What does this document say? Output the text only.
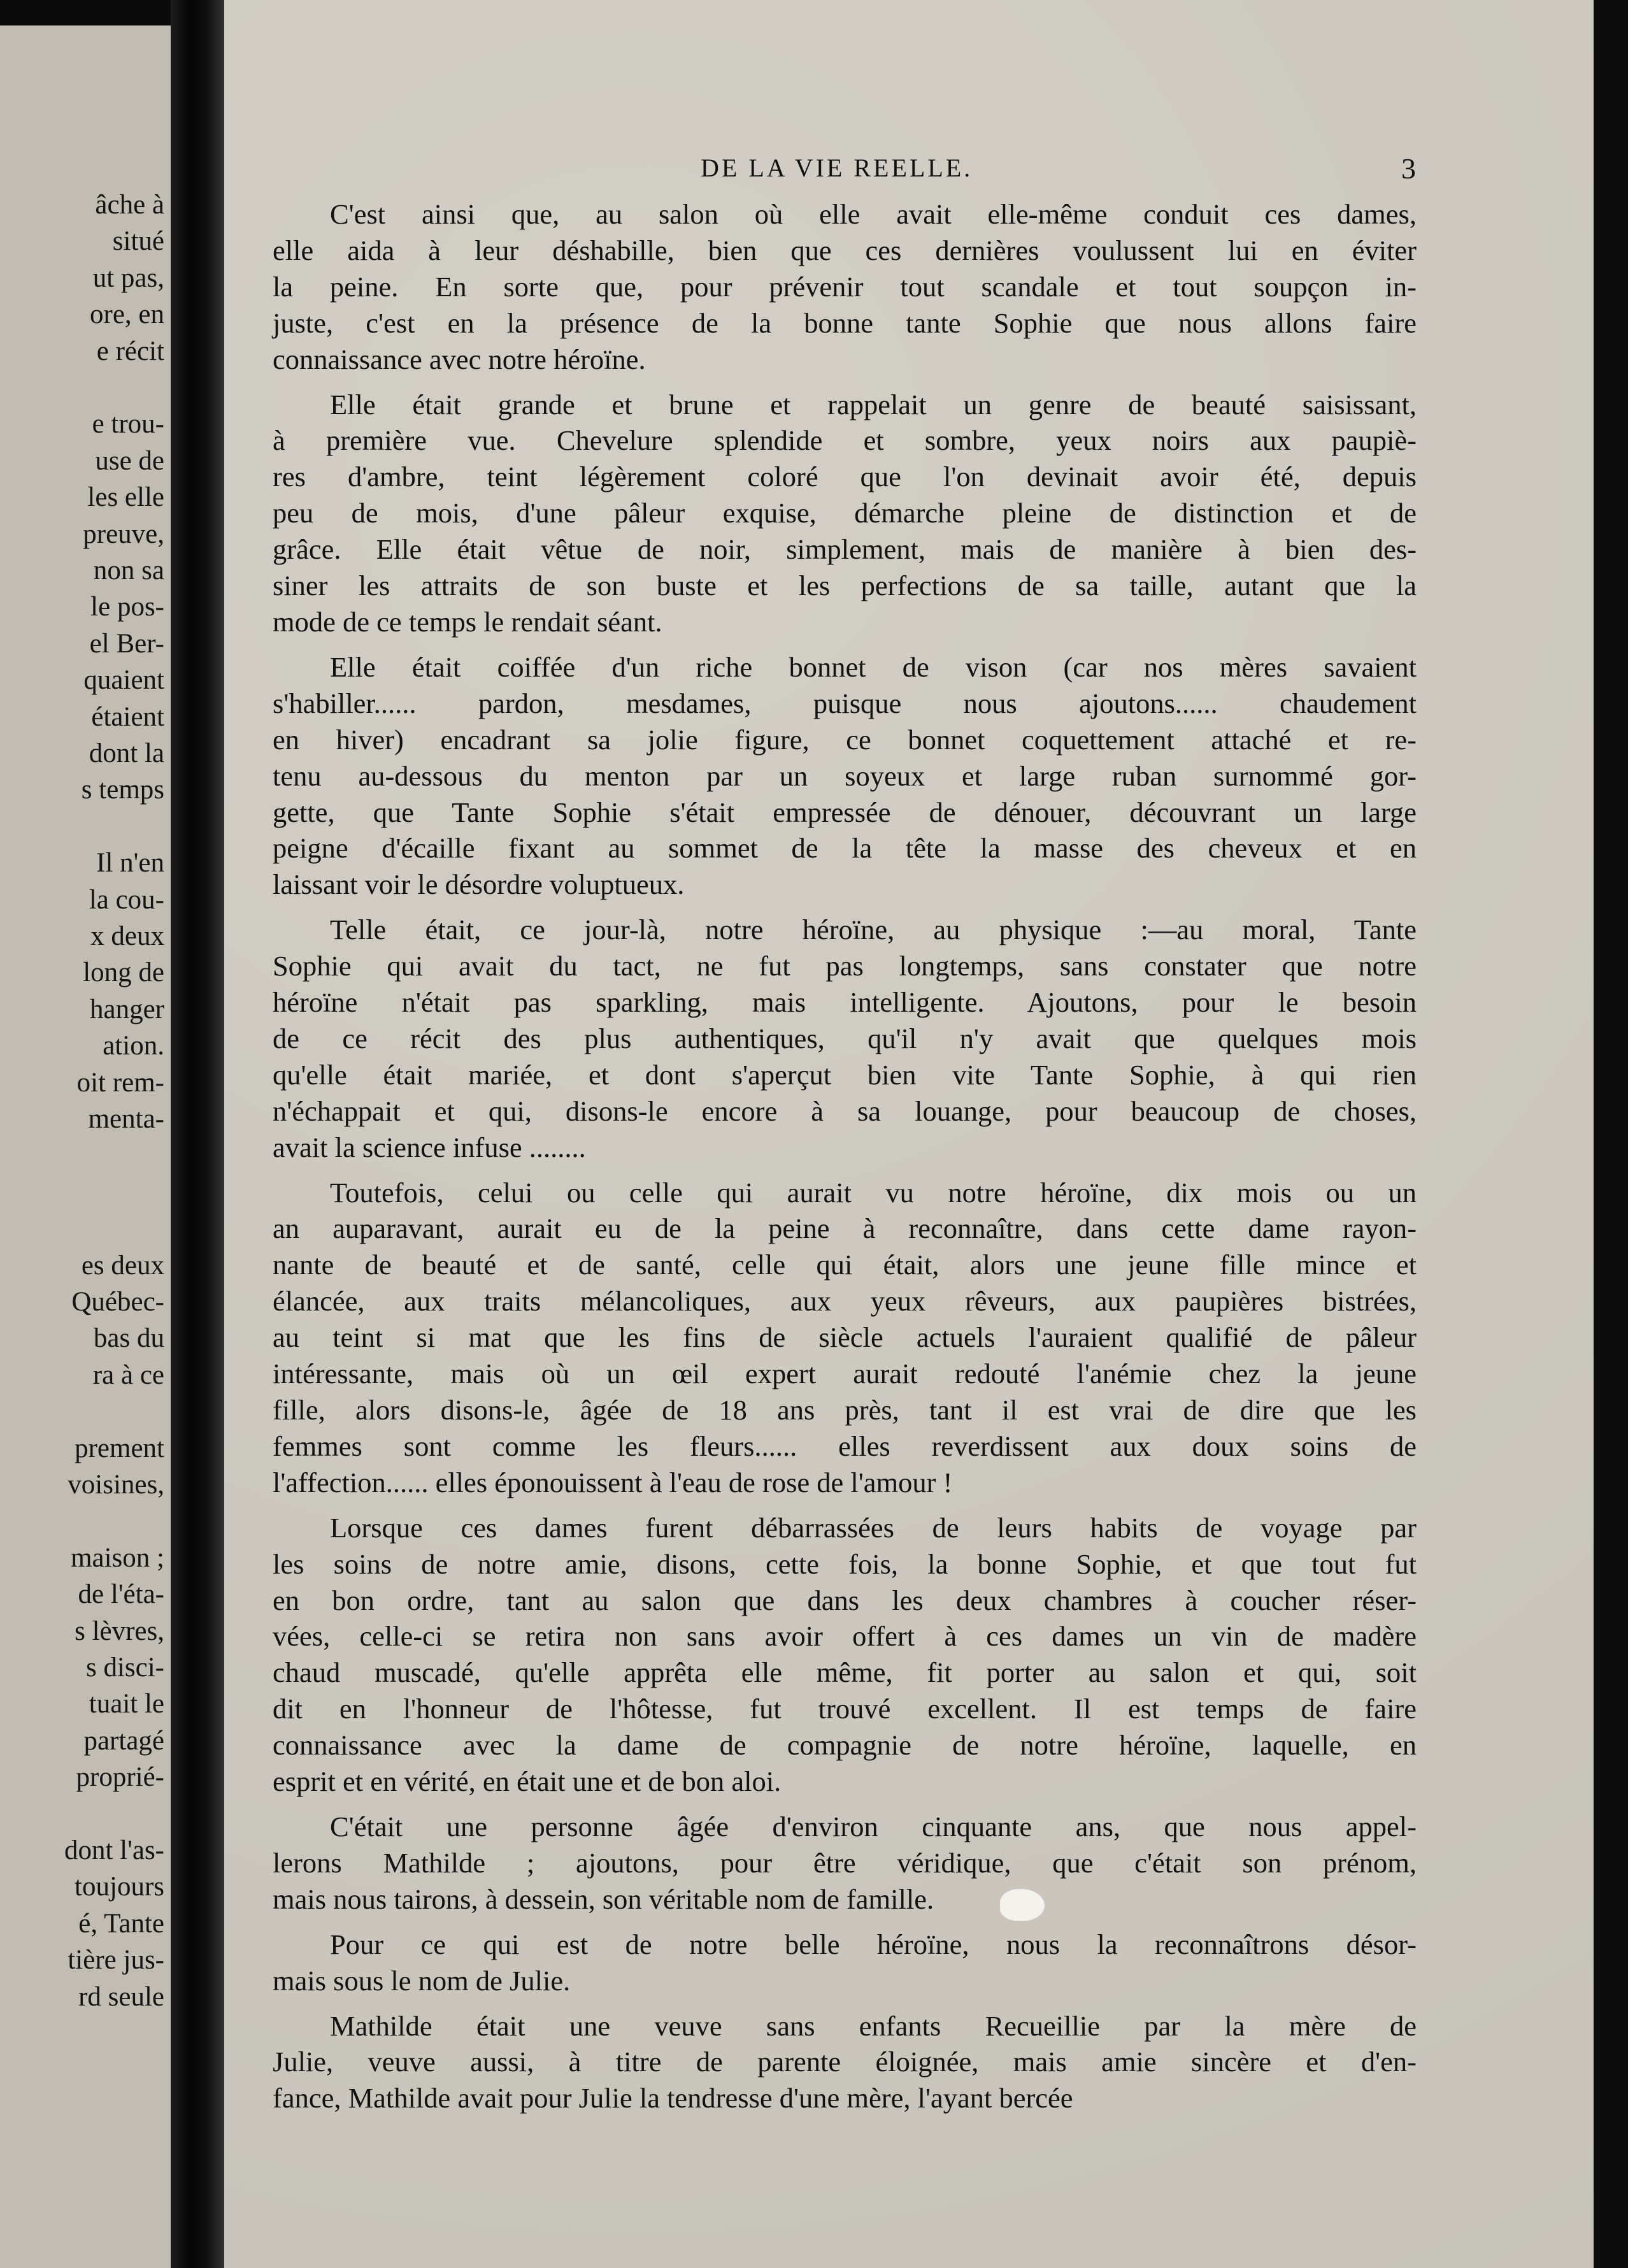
âche à
situé
ut pas,
ore, en
e récit
e trou-
use de
les elle
preuve,
non sa
le pos-
el Ber-
quaient
étaient
dont la
s temps
Il n'en
la cou-
x deux
long de
hanger
ation.
oit rem-
menta-
es deux
Québec-
bas du
ra à ce
prement
voisines,
maison ;
de l'éta-
s lèvres,
s disci-
tuait le
partagé
proprié-
dont l'as-
toujours
é, Tante
tière jus-
rd seule
DE LA VIE REELLE.	3
C'est ainsi que, au salon où elle avait elle-même conduit ces dames,
elle aida à leur déshabille, bien que ces dernières voulussent lui en éviter
la peine. En sorte que, pour prévenir tout scandale et tout soupçon in-
juste, c'est en la présence de la bonne tante Sophie que nous allons faire
connaissance avec notre héroïne.
Elle était grande et brune et rappelait un genre de beauté saisissant,
à première vue. Chevelure splendide et sombre, yeux noirs aux paupiè-
res d'ambre, teint légèrement coloré que l'on devinait avoir été, depuis
peu de mois, d'une pâleur exquise, démarche pleine de distinction et de
grâce. Elle était vêtue de noir, simplement, mais de manière à bien des-
siner les attraits de son buste et les perfections de sa taille, autant que la
mode de ce temps le rendait séant.
Elle était coiffée d'un riche bonnet de vison (car nos mères savaient
s'habiller...... pardon, mesdames, puisque nous ajoutons...... chaudement
en hiver) encadrant sa jolie figure, ce bonnet coquettement attaché et re-
tenu au-dessous du menton par un soyeux et large ruban surnommé gor-
gette, que Tante Sophie s'était empressée de dénouer, découvrant un large
peigne d'écaille fixant au sommet de la tête la masse des cheveux et en
laissant voir le désordre voluptueux.
Telle était, ce jour-là, notre héroïne, au physique :—au moral, Tante
Sophie qui avait du tact, ne fut pas longtemps, sans constater que notre
héroïne n'était pas sparkling, mais intelligente. Ajoutons, pour le besoin
de ce récit des plus authentiques, qu'il n'y avait que quelques mois
qu'elle était mariée, et dont s'aperçut bien vite Tante Sophie, à qui rien
n'échappait et qui, disons-le encore à sa louange, pour beaucoup de choses,
avait la science infuse ........
Toutefois, celui ou celle qui aurait vu notre héroïne, dix mois ou un
an auparavant, aurait eu de la peine à reconnaître, dans cette dame rayon-
nante de beauté et de santé, celle qui était, alors une jeune fille mince et
élancée, aux traits mélancoliques, aux yeux rêveurs, aux paupières bistrées,
au teint si mat que les fins de siècle actuels l'auraient qualifié de pâleur
intéressante, mais où un œil expert aurait redouté l'anémie chez la jeune
fille, alors disons-le, âgée de 18 ans près, tant il est vrai de dire que les
femmes sont comme les fleurs...... elles reverdissent aux doux soins de
l'affection...... elles éponouissent à l'eau de rose de l'amour !
Lorsque ces dames furent débarrassées de leurs habits de voyage par
les soins de notre amie, disons, cette fois, la bonne Sophie, et que tout fut
en bon ordre, tant au salon que dans les deux chambres à coucher réser-
vées, celle-ci se retira non sans avoir offert à ces dames un vin de madère
chaud muscadé, qu'elle apprêta elle même, fit porter au salon et qui, soit
dit en l'honneur de l'hôtesse, fut trouvé excellent. Il est temps de faire
connaissance avec la dame de compagnie de notre héroïne, laquelle, en
esprit et en vérité, en était une et de bon aloi.
C'était une personne âgée d'environ cinquante ans, que nous appel-
lerons Mathilde ; ajoutons, pour être véridique, que c'était son prénom,
mais nous tairons, à dessein, son véritable nom de famille.
Pour ce qui est de notre belle héroïne, nous la reconnaîtrons désor-
mais sous le nom de Julie.
Mathilde était une veuve sans enfants Recueillie par la mère de
Julie, veuve aussi, à titre de parente éloignée, mais amie sincère et d'en-
fance, Mathilde avait pour Julie la tendresse d'une mère, l'ayant bercée
